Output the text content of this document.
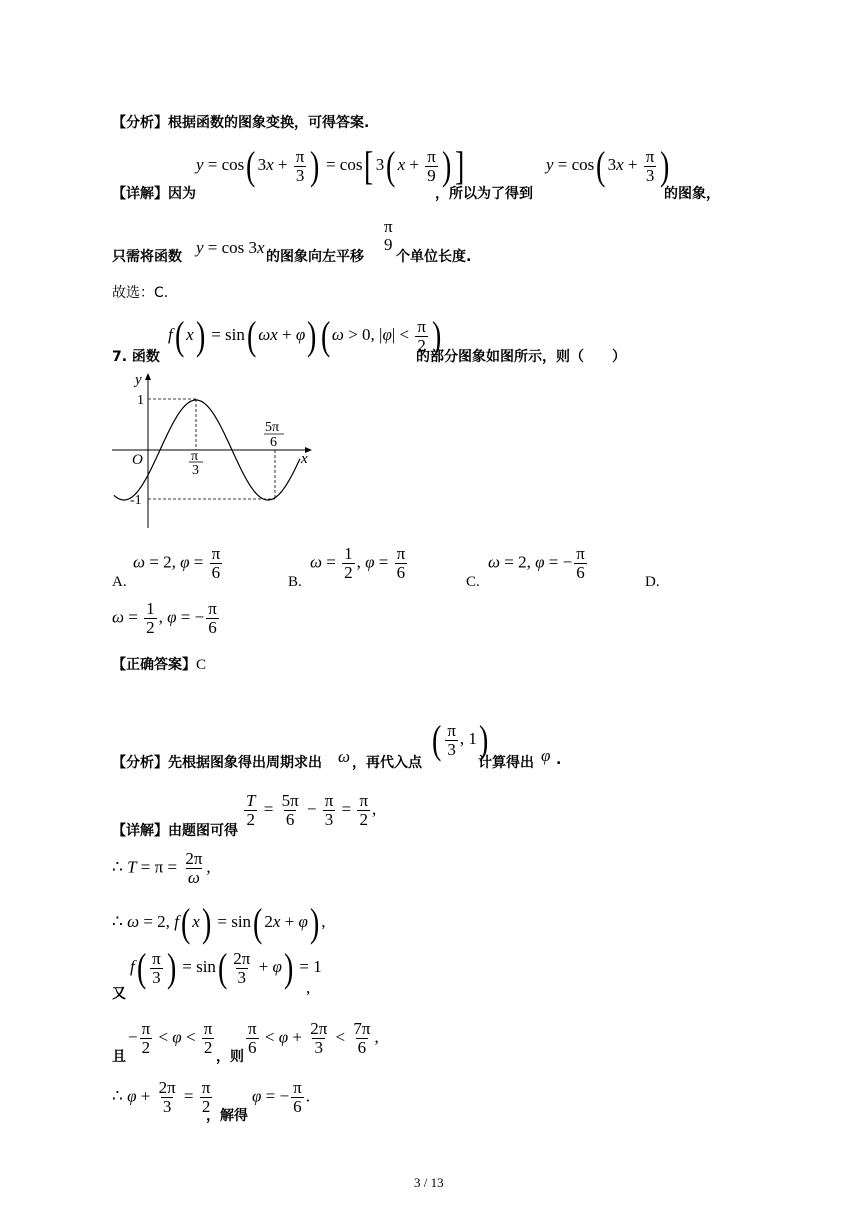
【分析】根据函数的图象变换，可得答案.
【详解】因为
y = cos( $3x + \frac{\pi}{3}$ ) = cos[ 3( $x + \frac{\pi}{9}$ )]
，所以为了得到
y = cos( $3x + \frac{\pi}{3}$ )
的图象，
只需将函数 y = cos 3x 的图象向左平移
π
9
个单位长度.
故选：C.
7. 函数
f( x) = sin( ωx + φ)( ω > 0, $|\varphi| < \frac{\pi}{2}$ )
的部分图象如图所示，则（　　）
y
x
O
1
-1
π
3
5π
6
A.
ω = 2, $\varphi = \frac{\pi}{6}$
B.
$\omega = \frac{1}{2}$ , $\varphi = \frac{\pi}{6}$
C.
ω = 2, φ = − $\frac{\pi}{6}$
D.
$\omega = \frac{1}{2}$ , φ = − $\frac{\pi}{6}$
【正确答案】C
【分析】先根据图象得出周期求出 ω ，再代入点
( $\frac{\pi}{3}$ , 1)
计算得出 φ .
【详解】由题图可得
$\frac{T}{2} = \frac{5\pi}{6} - \frac{\pi}{3} = \frac{\pi}{2}$ ,
∴ $T = \pi = \frac{2\pi}{\omega}$ ,
∴ ω = 2, f( x) = sin( 2x + φ) ,
又
$f( \frac{\pi}{3}$ ) = $\sin( \frac{2\pi}{3} + \varphi) = 1$
,
且
− $\frac{\pi}{2} < \varphi < \frac{\pi}{2}$
，则
$\frac{\pi}{6} < \varphi + \frac{2\pi}{3} < \frac{7\pi}{6}$ ,
∴ $\varphi + \frac{2\pi}{3} = \frac{\pi}{2}$
，解得
φ = − $\frac{\pi}{6}$ .
3 / 13
